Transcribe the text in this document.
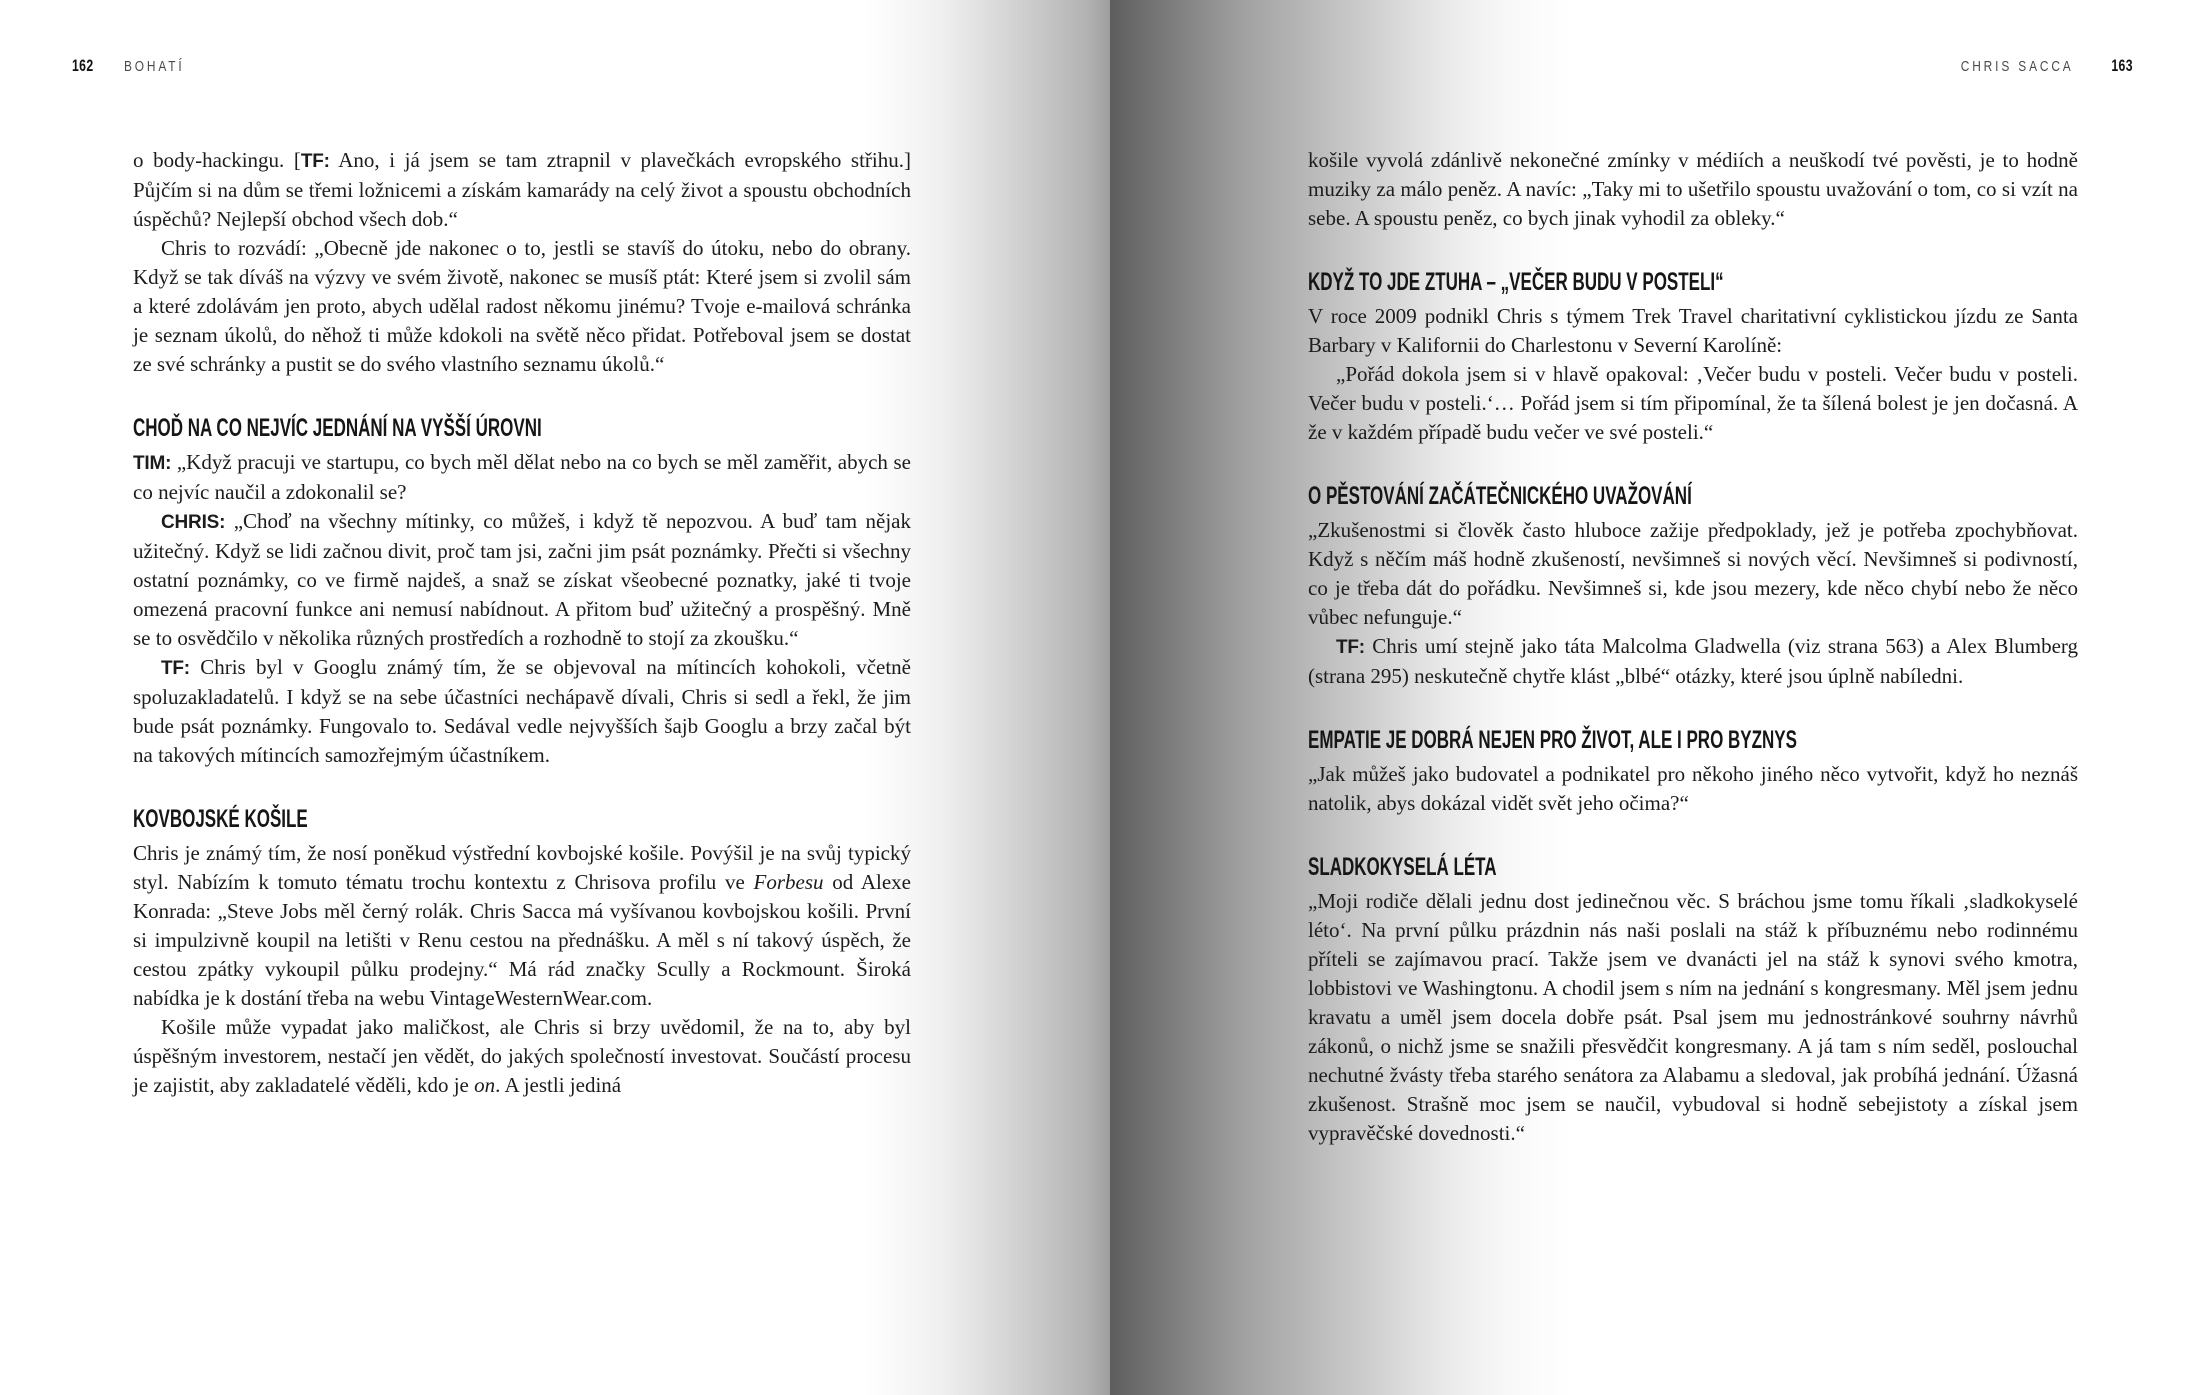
162 BOHATÍ

o body-hackingu. [TF: Ano, i já jsem se tam ztrapnil v plavečkách evropského střihu.] Půjčím si na dům se třemi ložnicemi a získám kamarády na celý život a spoustu obchodních úspěchů? Nejlepší obchod všech dob.“

Chris to rozvádí: „Obecně jde nakonec o to, jestli se stavíš do útoku, nebo do obrany. Když se tak díváš na výzvy ve svém životě, nakonec se musíš ptát: Které jsem si zvolil sám a které zdolávám jen proto, abych udělal radost někomu jinému? Tvoje e-mailová schránka je seznam úkolů, do něhož ti může kdokoli na světě něco přidat. Potřeboval jsem se dostat ze své schránky a pustit se do svého vlastního seznamu úkolů.“

CHOĎ NA CO NEJVÍC JEDNÁNÍ NA VYŠŠÍ ÚROVNI

TIM: „Když pracuji ve startupu, co bych měl dělat nebo na co bych se měl zaměřit, abych se co nejvíc naučil a zdokonalil se?

CHRIS: „Choď na všechny mítinky, co můžeš, i když tě nepozvou. A buď tam nějak užitečný. Když se lidi začnou divit, proč tam jsi, začni jim psát poznámky. Přečti si všechny ostatní poznámky, co ve firmě najdeš, a snaž se získat všeobecné poznatky, jaké ti tvoje omezená pracovní funkce ani nemusí nabídnout. A přitom buď užitečný a prospěšný. Mně se to osvědčilo v několika různých prostředích a rozhodně to stojí za zkoušku.“

TF: Chris byl v Googlu známý tím, že se objevoval na mítincích kohokoli, včetně spoluzakladatelů. I když se na sebe účastníci nechápavě dívali, Chris si sedl a řekl, že jim bude psát poznámky. Fungovalo to. Sedával vedle nejvyšších šajb Googlu a brzy začal být na takových mítincích samozřejmým účastníkem.

KOVBOJSKÉ KOŠILE

Chris je známý tím, že nosí poněkud výstřední kovbojské košile. Povýšil je na svůj typický styl. Nabízím k tomuto tématu trochu kontextu z Chrisova profilu ve Forbesu od Alexe Konrada: „Steve Jobs měl černý rolák. Chris Sacca má vyšívanou kovbojskou košili. První si impulzivně koupil na letišti v Renu cestou na přednášku. A měl s ní takový úspěch, že cestou zpátky vykoupil půlku prodejny.“ Má rád značky Scully a Rockmount. Široká nabídka je k dostání třeba na webu VintageWesternWear.com.

Košile může vypadat jako maličkost, ale Chris si brzy uvědomil, že na to, aby byl úspěšným investorem, nestačí jen vědět, do jakých společností investovat. Součástí procesu je zajistit, aby zakladatelé věděli, kdo je on. A jestli jediná

CHRIS SACCA 163

košile vyvolá zdánlivě nekonečné zmínky v médiích a neuškodí tvé pověsti, je to hodně muziky za málo peněz. A navíc: „Taky mi to ušetřilo spoustu uvažování o tom, co si vzít na sebe. A spoustu peněz, co bych jinak vyhodil za obleky.“

KDYŽ TO JDE ZTUHA – „VEČER BUDU V POSTELI“

V roce 2009 podnikl Chris s týmem Trek Travel charitativní cyklistickou jízdu ze Santa Barbary v Kalifornii do Charlestonu v Severní Karolíně:

„Pořád dokola jsem si v hlavě opakoval: ‚Večer budu v posteli. Večer budu v posteli. Večer budu v posteli.‘… Pořád jsem si tím připomínal, že ta šílená bolest je jen dočasná. A že v každém případě budu večer ve své posteli.“

O PĚSTOVÁNÍ ZAČÁTEČNICKÉHO UVAŽOVÁNÍ

„Zkušenostmi si člověk často hluboce zažije předpoklady, jež je potřeba zpochybňovat. Když s něčím máš hodně zkušeností, nevšimneš si nových věcí. Nevšimneš si podivností, co je třeba dát do pořádku. Nevšimneš si, kde jsou mezery, kde něco chybí nebo že něco vůbec nefunguje.“

TF: Chris umí stejně jako táta Malcolma Gladwella (viz strana 563) a Alex Blumberg (strana 295) neskutečně chytře klást „blbé“ otázky, které jsou úplně nabíledni.

EMPATIE JE DOBRÁ NEJEN PRO ŽIVOT, ALE I PRO BYZNYS

„Jak můžeš jako budovatel a podnikatel pro někoho jiného něco vytvořit, když ho neznáš natolik, abys dokázal vidět svět jeho očima?“

SLADKOKYSELÁ LÉTA

„Moji rodiče dělali jednu dost jedinečnou věc. S bráchou jsme tomu říkali ‚sladkokyselé léto‘. Na první půlku prázdnin nás naši poslali na stáž k příbuznému nebo rodinnému příteli se zajímavou prací. Takže jsem ve dvanácti jel na stáž k synovi svého kmotra, lobbistovi ve Washingtonu. A chodil jsem s ním na jednání s kongresmany. Měl jsem jednu kravatu a uměl jsem docela dobře psát. Psal jsem mu jednostránkové souhrny návrhů zákonů, o nichž jsme se snažili přesvědčit kongresmany. A já tam s ním seděl, poslouchal nechutné žvásty třeba starého senátora za Alabamu a sledoval, jak probíhá jednání. Úžasná zkušenost. Strašně moc jsem se naučil, vybudoval si hodně sebejistoty a získal jsem vypravěčské dovednosti.“
